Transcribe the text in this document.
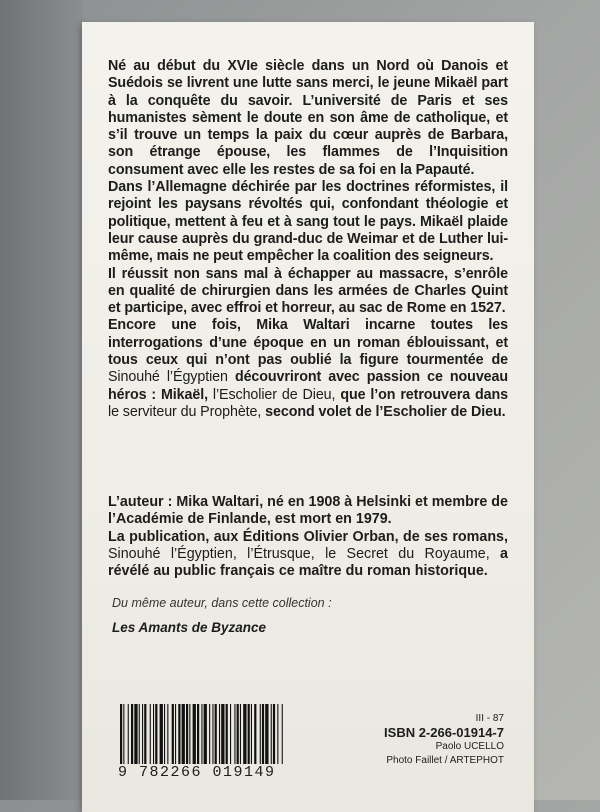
Né au début du XVIe siècle dans un Nord où Danois et Suédois se livrent une lutte sans merci, le jeune Mikaël part à la conquête du savoir. L’université de Paris et ses humanistes sèment le doute en son âme de catholique, et s’il trouve un temps la paix du cœur auprès de Barbara, son étrange épouse, les flammes de l’Inquisition consument avec elle les restes de sa foi en la Papauté.

Dans l’Allemagne déchirée par les doctrines réformistes, il rejoint les paysans révoltés qui, confondant théologie et politique, mettent à feu et à sang tout le pays. Mikaël plaide leur cause auprès du grand-duc de Weimar et de Luther lui-même, mais ne peut empêcher la coalition des seigneurs.

Il réussit non sans mal à échapper au massacre, s’enrôle en qualité de chirurgien dans les armées de Charles Quint et participe, avec effroi et horreur, au sac de Rome en 1527.

Encore une fois, Mika Waltari incarne toutes les interrogations d’une époque en un roman éblouissant, et tous ceux qui n’ont pas oublié la figure tourmentée de Sinouhé l’Égyptien découvriront avec passion ce nouveau héros : Mikaël, l’Escholier de Dieu, que l’on retrouvera dans le serviteur du Prophète, second volet de l’Escholier de Dieu.

L’auteur : Mika Waltari, né en 1908 à Helsinki et membre de l’Académie de Finlande, est mort en 1979.

La publication, aux Éditions Olivier Orban, de ses romans, Sinouhé l’Égyptien, l’Étrusque, le Secret du Royaume, a révélé au public français ce maître du roman historique.

Du même auteur, dans cette collection :
Les Amants de Byzance
9 782266 019149
III - 87
ISBN 2-266-01914-7
Paolo UCELLO
Photo Faillet / ARTEPHOT
